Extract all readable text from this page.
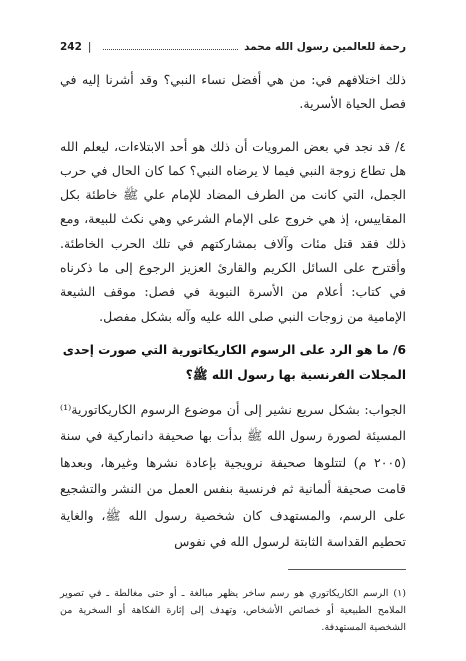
242 |	رحمة للعالمين رسول الله محمد

ذلك اختلافهم في: من هي أفضل نساء النبي؟ وقد أشرنا إليه في فصل الحياة الأسرية.

٤/ قد نجد في بعض المرويات أن ذلك هو أحد الابتلاءات، ليعلم الله هل تطاع زوجة النبي فيما لا يرضاه النبي؟ كما كان الحال في حرب الجمل، التي كانت من الطرف المضاد للإمام علي ﷺ خاطئة بكل المقاييس، إذ هي خروج على الإمام الشرعي وهي نكث للبيعة، ومع ذلك فقد قتل مئات وآلاف بمشاركتهم في تلك الحرب الخاطئة. وأقترح على السائل الكريم والقارئ العزيز الرجوع إلى ما ذكرناه في كتاب: أعلام من الأسرة النبوية في فصل: موقف الشيعة الإمامية من زوجات النبي صلى الله عليه وآله بشكل مفصل.

6/ ما هو الرد على الرسوم الكاريكاتورية التي صورت إحدى المجلات الفرنسية بها رسول الله ﷺ؟

الجواب: بشكل سريع نشير إلى أن موضوع الرسوم الكاريكاتورية⁽¹⁾ المسيئة لصورة رسول الله ﷺ بدأت بها صحيفة دانماركية في سنة (٢٠٠٥ م) لتتلوها صحيفة نرويجية بإعادة نشرها وغيرها، وبعدها قامت صحيفة ألمانية ثم فرنسية بنفس العمل من النشر والتشجيع على الرسم، والمستهدف كان شخصية رسول الله ﷺ، والغاية تحطيم القداسة الثابتة لرسول الله في نفوس

(١) الرسم الكاريكاتوري هو رسم ساخر يظهر مبالغة ـ أو حتى مغالطة ـ في تصوير الملامح الطبيعية أو خصائص الأشخاص، وتهدف إلى إثارة الفكاهة أو السخرية من الشخصية المستهدفة.
